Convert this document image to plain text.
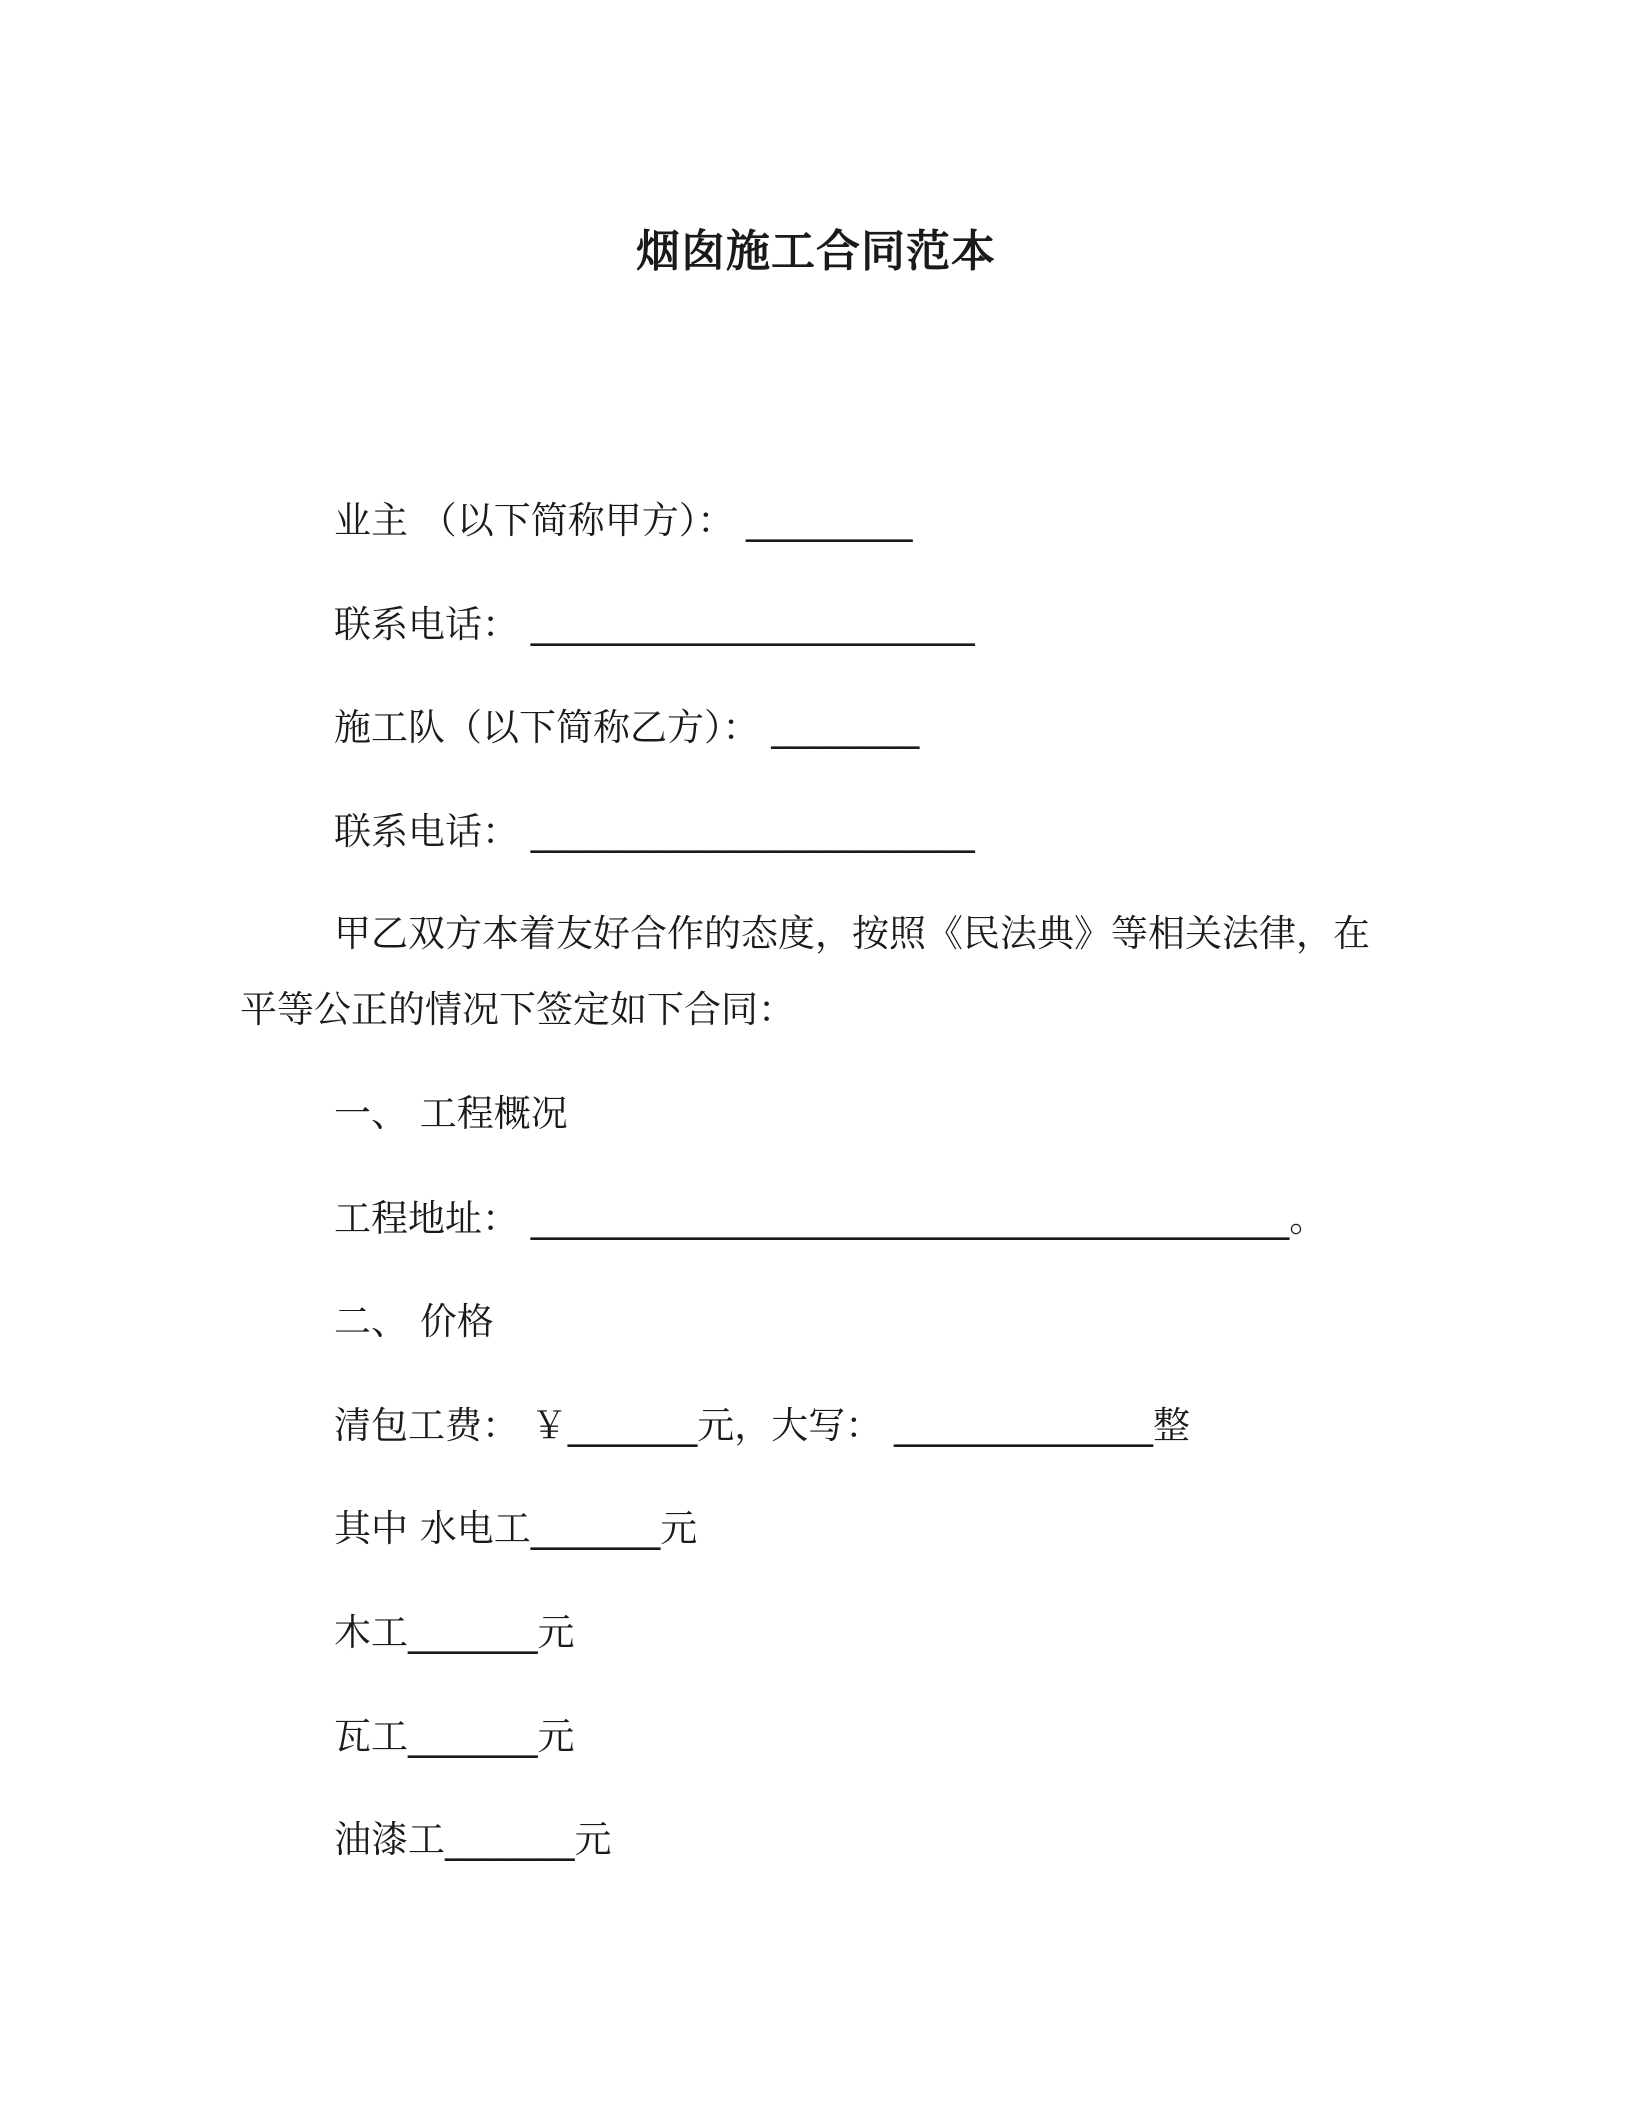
烟囱施工合同范本

业主 （以下简称甲方）： _________

联系电话： ________________________

施工队（以下简称乙方）： ________

联系电话： ________________________

甲乙双方本着友好合作的态度，按照《民法典》等相关法律，在平等公正的情况下签定如下合同：

一、 工程概况

工程地址： _________________________________________。

二、 价格

清包工费： ￥_______元，大写： ______________整

其中 水电工_______元

木工_______元

瓦工_______元

油漆工_______元
